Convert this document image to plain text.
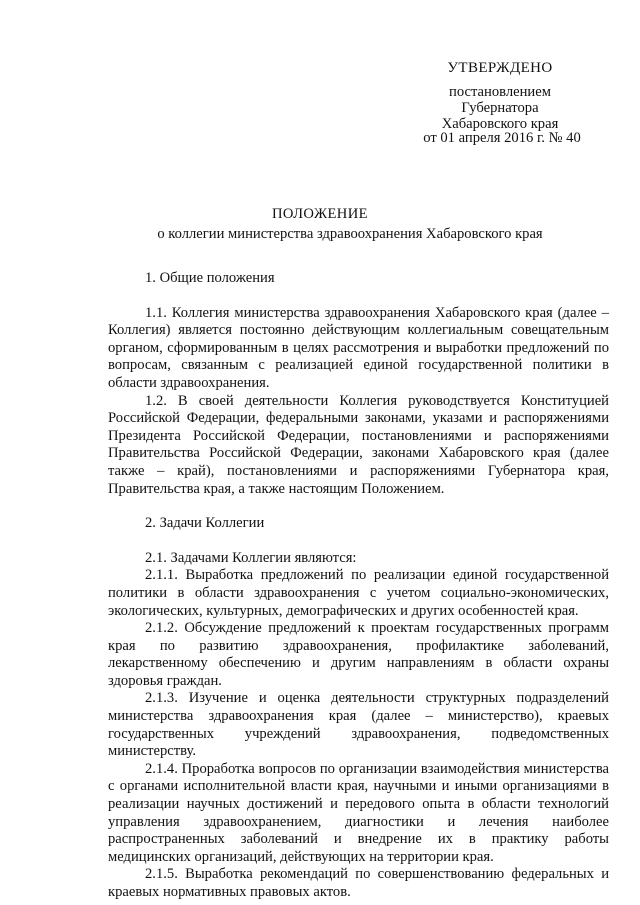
УТВЕРЖДЕНО
постановлением
Губернатора
Хабаровского края
от 01 апреля 2016 г. № 40
ПОЛОЖЕНИЕ
о коллегии министерства здравоохранения Хабаровского края

1. Общие положения

1.1. Коллегия министерства здравоохранения Хабаровского края (далее – Коллегия) является постоянно действующим коллегиальным совещательным органом, сформированным в целях рассмотрения и выработки предложений по вопросам, связанным с реализацией единой государственной политики в области здравоохранения.

1.2. В своей деятельности Коллегия руководствуется Конституцией Российской Федерации, федеральными законами, указами и распоряжениями Президента Российской Федерации, постановлениями и распоряжениями Правительства Российской Федерации, законами Хабаровского края (далее также – край), постановлениями и распоряжениями Губернатора края, Правительства края, а также настоящим Положением.

2. Задачи Коллегии

2.1. Задачами Коллегии являются:

2.1.1. Выработка предложений по реализации единой государственной политики в области здравоохранения с учетом социально-экономических, экологических, культурных, демографических и других особенностей края.

2.1.2. Обсуждение предложений к проектам государственных программ края по развитию здравоохранения, профилактике заболеваний, лекарственному обеспечению и другим направлениям в области охраны здоровья граждан.

2.1.3. Изучение и оценка деятельности структурных подразделений министерства здравоохранения края (далее – министерство), краевых государственных учреждений здравоохранения, подведомственных министерству.

2.1.4. Проработка вопросов по организации взаимодействия министерства с органами исполнительной власти края, научными и иными организациями в реализации научных достижений и передового опыта в области технологий управления здравоохранением, диагностики и лечения наиболее распространенных заболеваний и внедрение их в практику работы медицинских организаций, действующих на территории края.

2.1.5. Выработка рекомендаций по совершенствованию федеральных и краевых нормативных правовых актов.
